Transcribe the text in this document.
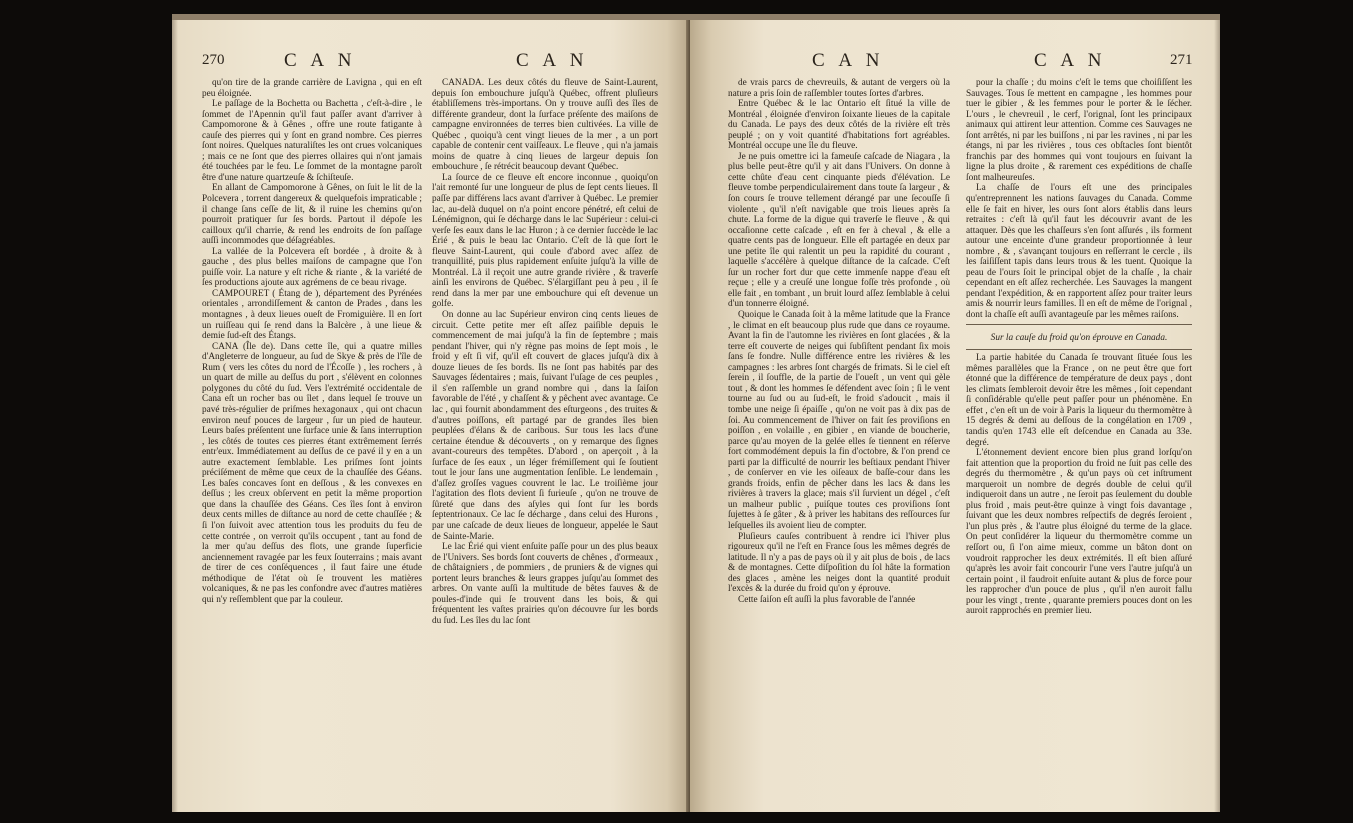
270	C A N	C A N

qu'on tire de la grande carrière de Lavigna , qui en eſt peu éloignée.

Le paſſage de la Bochetta ou Bachetta , c'eſt-à-dire , le ſommet de l'Apennin qu'il faut paſſer avant d'arriver à Campomorone & à Gênes , offre une route fatigante à cauſe des pierres qui y ſont en grand nombre. Ces pierres ſont noires. Quelques naturaliſtes les ont crues volcaniques ; mais ce ne ſont que des pierres ollaires qui n'ont jamais été touchées par le feu. Le ſommet de la montagne paroît être d'une nature quartzeuſe & ſchiſteuſe.

En allant de Campomorone à Gênes, on ſuit le lit de la Polcevera , torrent dangereux & quelquefois impraticable ; il change ſans ceſſe de lit, & il ruine les chemins qu'on pourroit pratiquer ſur ſes bords. Partout il dépoſe les cailloux qu'il charrie, & rend les endroits de ſon paſſage auſſi incommodes que déſagréables.

La vallée de la Polcevera eſt bordée , à droite & à gauche , des plus belles maiſons de campagne que l'on puiſſe voir. La nature y eſt riche & riante , & la variété de ſes productions ajoute aux agrémens de ce beau rivage.

CAMPOURET ( Étang de ), département des Pyrénées orientales , arrondiſſement & canton de Prades , dans les montagnes , à deux lieues oueſt de Fromiguière. Il en ſort un ruiſſeau qui ſe rend dans la Balcère , à une lieue & demie ſud-eſt des Étangs.

CANA (Île de). Dans cette île, qui a quatre milles d'Angleterre de longueur, au ſud de Skye & près de l'île de Rum ( vers les côtes du nord de l'Écoſſe ) , les rochers , à un quart de mille au deſſus du port , s'élèvent en colonnes polygones du côté du ſud. Vers l'extrémité occidentale de Cana eſt un rocher bas ou îlet , dans lequel ſe trouve un pavé très-régulier de priſmes hexagonaux , qui ont chacun environ neuf pouces de largeur , ſur un pied de hauteur. Leurs baſes préſentent une ſurface unie & ſans interruption , les côtés de toutes ces pierres étant extrêmement ſerrés entr'eux. Immédiatement au deſſus de ce pavé il y en a un autre exactement ſemblable. Les priſmes ſont joints préciſément de même que ceux de la chauſſée des Géans. Les baſes concaves ſont en deſſous , & les convexes en deſſus ; les creux obſervent en petit la même proportion que dans la chauſſée des Géans. Ces îles ſont à environ deux cents milles de diſtance au nord de cette chauſſée ; & ſi l'on ſuivoit avec attention tous les produits du feu de cette contrée , on verroit qu'ils occupent , tant au fond de la mer qu'au deſſus des flots, une grande ſuperficie anciennement ravagée par les feux ſouterrains ; mais avant de tirer de ces conſéquences , il faut faire une étude méthodique de l'état où ſe trouvent les matières volcaniques, & ne pas les confondre avec d'autres matières qui n'y reſſemblent que par la couleur.

CANADA. Les deux côtés du fleuve de Saint-Laurent, depuis ſon embouchure juſqu'à Québec, offrent pluſieurs établiſſemens très-importans. On y trouve auſſi des îles de différente grandeur, dont la ſurface préſente des maiſons de campagne environnées de terres bien cultivées. La ville de Québec , quoiqu'à cent vingt lieues de la mer , a un port capable de contenir cent vaiſſeaux. Le fleuve , qui n'a jamais moins de quatre à cinq lieues de largeur depuis ſon embouchure , ſe rétrécit beaucoup devant Québec.

La ſource de ce fleuve eſt encore inconnue , quoiqu'on l'ait remonté ſur une longueur de plus de ſept cents lieues. Il paſſe par différens lacs avant d'arriver à Québec. Le premier lac, au-delà duquel on n'a point encore pénétré, eſt celui de Lénémignon, qui ſe décharge dans le lac Supérieur : celui-ci verſe ſes eaux dans le lac Huron ; à ce dernier ſuccède le lac Érié , & puis le beau lac Ontario. C'eſt de là que ſort le fleuve Saint-Laurent, qui coule d'abord avec aſſez de tranquillité, puis plus rapidement enſuite juſqu'à la ville de Montréal. Là il reçoit une autre grande rivière , & traverſe ainſi les environs de Québec. S'élargiſſant peu à peu , il ſe rend dans la mer par une embouchure qui eſt devenue un golfe.

On donne au lac Supérieur environ cinq cents lieues de circuit. Cette petite mer eſt aſſez paiſible depuis le commencement de mai juſqu'à la fin de ſeptembre ; mais pendant l'hiver, qui n'y règne pas moins de ſept mois , le froid y eſt ſi vif, qu'il eſt couvert de glaces juſqu'à dix à douze lieues de ſes bords. Ils ne ſont pas habités par des Sauvages ſédentaires ; mais, ſuivant l'uſage de ces peuples , il s'en raſſemble un grand nombre qui , dans la ſaiſon favorable de l'été , y chaſſent & y pêchent avec avantage. Ce lac , qui fournit abondamment des eſturgeons , des truites & d'autres poiſſons, eſt partagé par de grandes îles bien peuplées d'élans & de caribous. Sur tous les lacs d'une certaine étendue & découverts , on y remarque des ſignes avant-coureurs des tempêtes. D'abord , on aperçoit , à la ſurface de ſes eaux , un léger frémiſſement qui ſe ſoutient tout le jour ſans une augmentation ſenſible. Le lendemain , d'aſſez groſſes vagues couvrent le lac. Le troiſième jour l'agitation des flots devient ſi furieuſe , qu'on ne trouve de ſûreté que dans des aſyles qui ſont ſur les bords ſeptentrionaux. Ce lac ſe décharge , dans celui des Hurons , par une caſcade de deux lieues de longueur, appelée le Saut de Sainte-Marie.

Le lac Érié qui vient enſuite paſſe pour un des plus beaux de l'Univers. Ses bords ſont couverts de chênes , d'ormeaux , de châtaigniers , de pommiers , de pruniers & de vignes qui portent leurs branches & leurs grappes juſqu'au ſommet des arbres. On vante auſſi la multitude de bêtes fauves & de poules-d'inde qui ſe trouvent dans les bois, & qui fréquentent les vaſtes prairies qu'on découvre ſur les bords du ſud. Les îles du lac ſont

C A N	C A N	271

de vrais parcs de chevreuils, & autant de vergers où la nature a pris ſoin de raſſembler toutes ſortes d'arbres.

Entre Québec & le lac Ontario eſt ſitué la ville de Montréal , éloignée d'environ ſoixante lieues de la capitale du Canada. Le pays des deux côtés de la rivière eſt très peuplé ; on y voit quantité d'habitations fort agréables. Montréal occupe une île du fleuve.

Je ne puis omettre ici la fameuſe caſcade de Niagara , la plus belle peut-être qu'il y ait dans l'Univers. On donne à cette chûte d'eau cent cinquante pieds d'élévation. Le fleuve tombe perpendiculairement dans toute ſa largeur , & ſon cours ſe trouve tellement dérangé par une ſecouſſe ſi violente , qu'il n'eſt navigable que trois lieues après ſa chute. La forme de la digue qui traverſe le fleuve , & qui occaſionne cette caſcade , eſt en fer à cheval , & elle a quatre cents pas de longueur. Elle eſt partagée en deux par une petite île qui ralentit un peu la rapidité du courant , laquelle s'accélère à quelque diſtance de la caſcade. C'eſt ſur un rocher fort dur que cette immenſe nappe d'eau eſt reçue ; elle y a creuſé une longue foſſe très profonde , où elle fait , en tombant , un bruit lourd aſſez ſemblable à celui d'un tonnerre éloigné.

Quoique le Canada ſoit à la même latitude que la France , le climat en eſt beaucoup plus rude que dans ce royaume. Avant la fin de l'automne les rivières en ſont glacées , & la terre eſt couverte de neiges qui ſubſiſtent pendant ſix mois ſans ſe fondre. Nulle différence entre les rivières & les campagnes : les arbres ſont chargés de frimats. Si le ciel eſt ſerein , il ſouffle, de la partie de l'oueſt , un vent qui gèle tout , & dont les hommes ſe défendent avec ſoin ; ſi le vent tourne au ſud ou au ſud-eſt, le froid s'adoucit , mais il tombe une neige ſi épaiſſe , qu'on ne voit pas à dix pas de ſoi. Au commencement de l'hiver on fait ſes proviſions en poiſſon , en volaille , en gibier , en viande de boucherie, parce qu'au moyen de la gelée elles ſe tiennent en réſerve fort commodément depuis la fin d'octobre, & l'on prend ce parti par la difficulté de nourrir les beſtiaux pendant l'hiver , de conſerver en vie les oiſeaux de baſſe-cour dans les grands froids, enfin de pêcher dans les lacs & dans les rivières à travers la glace; mais s'il ſurvient un dégel , c'eſt un malheur public , puiſque toutes ces proviſions ſont ſujettes à ſe gâter , & à priver les habitans des reſſources ſur leſquelles ils avoient lieu de compter.

Pluſieurs cauſes contribuent à rendre ici l'hiver plus rigoureux qu'il ne l'eſt en France ſous les mêmes degrés de latitude. Il n'y a pas de pays où il y ait plus de bois , de lacs & de montagnes. Cette diſpoſition du ſol hâte la formation des glaces , amène les neiges dont la quantité produit l'excès & la durée du froid qu'on y éprouve.

Cette ſaiſon eſt auſſi la plus favorable de l'année

pour la chaſſe ; du moins c'eſt le tems que choiſiſſent les Sauvages. Tous ſe mettent en campagne , les hommes pour tuer le gibier , & les femmes pour le porter & le ſécher. L'ours , le chevreuil , le cerf, l'orignal, ſont les principaux animaux qui attirent leur attention. Comme ces Sauvages ne ſont arrêtés, ni par les buiſſons , ni par les ravines , ni par les étangs, ni par les rivières , tous ces obſtacles ſont bientôt franchis par des hommes qui vont toujours en ſuivant la ligne la plus droite , & rarement ces expéditions de chaſſe ſont malheureuſes.

La chaſſe de l'ours eſt une des principales qu'entreprennent les nations ſauvages du Canada. Comme elle ſe fait en hiver, les ours ſont alors établis dans leurs retraites : c'eſt là qu'il faut les découvrir avant de les attaquer. Dès que les chaſſeurs s'en ſont aſſurés , ils forment autour une enceinte d'une grandeur proportionnée à leur nombre , & , s'avançant toujours en reſſerrant le cercle , ils les ſaiſiſſent tapis dans leurs trous & les tuent. Quoique la peau de l'ours ſoit le principal objet de la chaſſe , la chair cependant en eſt aſſez recherchée. Les Sauvages la mangent pendant l'expédition, & en rapportent aſſez pour traiter leurs amis & nourrir leurs familles. Il en eſt de même de l'orignal , dont la chaſſe eſt auſſi avantageuſe par les mêmes raiſons.

Sur la cauſe du froid qu'on éprouve en Canada.

La partie habitée du Canada ſe trouvant ſituée ſous les mêmes parallèles que la France , on ne peut être que fort étonné que la différence de température de deux pays , dont les climats ſembleroit devoir être les mêmes , ſoit cependant ſi conſidérable qu'elle peut paſſer pour un phénomène. En effet , c'en eſt un de voir à Paris la liqueur du thermomètre à 15 degrés & demi au deſſous de la congélation en 1709 , tandis qu'en 1743 elle eſt deſcendue en Canada au 33e. degré.

L'étonnement devient encore bien plus grand lorſqu'on fait attention que la proportion du froid ne ſuit pas celle des degrés du thermomètre , & qu'un pays où cet inſtrument marqueroit un nombre de degrés double de celui qu'il indiqueroit dans un autre , ne ſeroit pas ſeulement du double plus froid , mais peut-être quinze à vingt fois davantage , ſuivant que les deux nombres reſpectifs de degrés ſeroient , l'un plus près , & l'autre plus éloigné du terme de la glace. On peut conſidérer la liqueur du thermomètre comme un reſſort ou, ſi l'on aime mieux, comme un bâton dont on voudroit rapprocher les deux extrémités. Il eſt bien aſſuré qu'après les avoir fait concourir l'une vers l'autre juſqu'à un certain point , il faudroit enſuite autant & plus de force pour les rapprocher d'un pouce de plus , qu'il n'en auroit fallu pour les vingt , trente , quarante premiers pouces dont on les auroit rapprochés en premier lieu.
